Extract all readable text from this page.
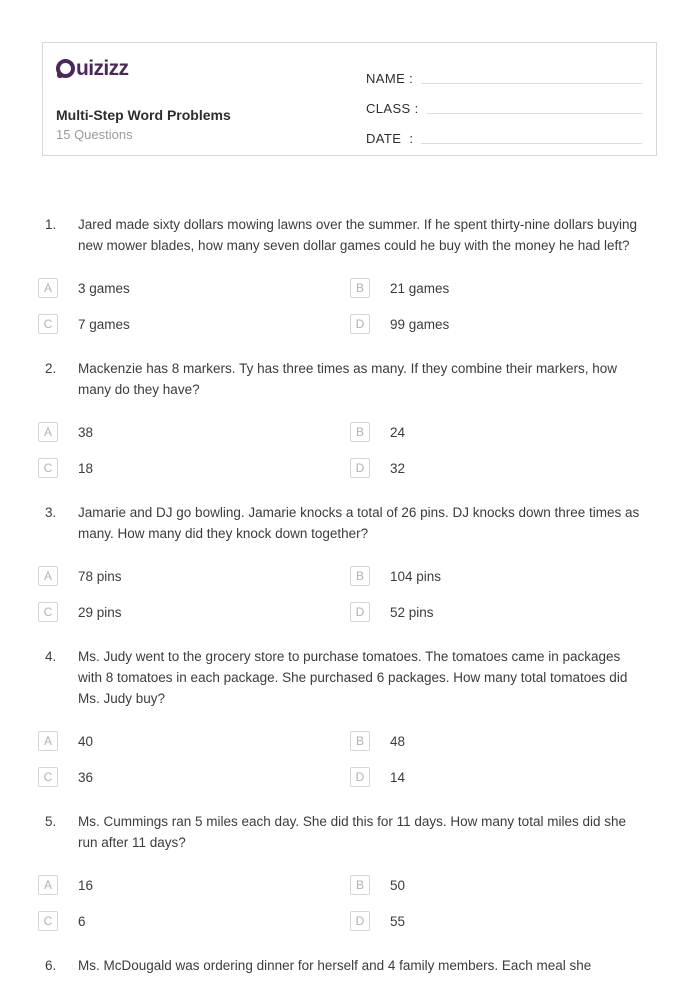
uizizz
Multi-Step Word Problems
15 Questions
NAME :
CLASS :
DATE  :
1.	Jared made sixty dollars mowing lawns over the summer. If he spent thirty-nine dollars buying new mower blades, how many seven dollar games could he buy with the money he had left?

A	3 games	B	21 games
C	7 games	D	99 games
2.	Mackenzie has 8 markers. Ty has three times as many. If they combine their markers, how many do they have?

A	38	B	24
C	18	D	32
3.	Jamarie and DJ go bowling. Jamarie knocks a total of 26 pins. DJ knocks down three times as many. How many did they knock down together?

A	78 pins	B	104 pins
C	29 pins	D	52 pins
4.	Ms. Judy went to the grocery store to purchase tomatoes. The tomatoes came in packages with 8 tomatoes in each package. She purchased 6 packages. How many total tomatoes did Ms. Judy buy?

A	40	B	48
C	36	D	14
5.	Ms. Cummings ran 5 miles each day. She did this for 11 days. How many total miles did she run after 11 days?

A	16	B	50
C	6	D	55
6.	Ms. McDougald was ordering dinner for herself and 4 family members. Each meal she
